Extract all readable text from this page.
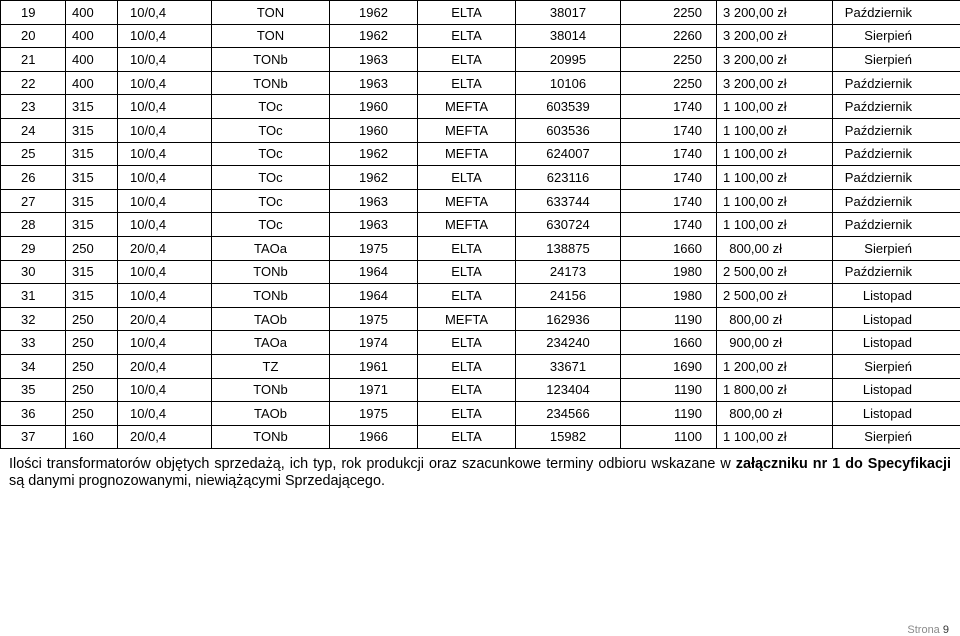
19	400	10/0,4	TON	1962	ELTA	38017	2250	3 200,00 zł	Październik
20	400	10/0,4	TON	1962	ELTA	38014	2260	3 200,00 zł	Sierpień
21	400	10/0,4	TONb	1963	ELTA	20995	2250	3 200,00 zł	Sierpień
22	400	10/0,4	TONb	1963	ELTA	10106	2250	3 200,00 zł	Październik
23	315	10/0,4	TOc	1960	MEFTA	603539	1740	1 100,00 zł	Październik
24	315	10/0,4	TOc	1960	MEFTA	603536	1740	1 100,00 zł	Październik
25	315	10/0,4	TOc	1962	MEFTA	624007	1740	1 100,00 zł	Październik
26	315	10/0,4	TOc	1962	ELTA	623116	1740	1 100,00 zł	Październik
27	315	10/0,4	TOc	1963	MEFTA	633744	1740	1 100,00 zł	Październik
28	315	10/0,4	TOc	1963	MEFTA	630724	1740	1 100,00 zł	Październik
29	250	20/0,4	TAOa	1975	ELTA	138875	1660	800,00 zł	Sierpień
30	315	10/0,4	TONb	1964	ELTA	24173	1980	2 500,00 zł	Październik
31	315	10/0,4	TONb	1964	ELTA	24156	1980	2 500,00 zł	Listopad
32	250	20/0,4	TAOb	1975	MEFTA	162936	1190	800,00 zł	Listopad
33	250	10/0,4	TAOa	1974	ELTA	234240	1660	900,00 zł	Listopad
34	250	20/0,4	TZ	1961	ELTA	33671	1690	1 200,00 zł	Sierpień
35	250	10/0,4	TONb	1971	ELTA	123404	1190	1 800,00 zł	Listopad
36	250	10/0,4	TAOb	1975	ELTA	234566	1190	800,00 zł	Listopad
37	160	20/0,4	TONb	1966	ELTA	15982	1100	1 100,00 zł	Sierpień
Ilości transformatorów objętych sprzedażą, ich typ, rok produkcji oraz szacunkowe terminy odbioru wskazane w załączniku nr 1 do Specyfikacji są danymi prognozowanymi, niewiążącymi Sprzedającego.
Strona 9
